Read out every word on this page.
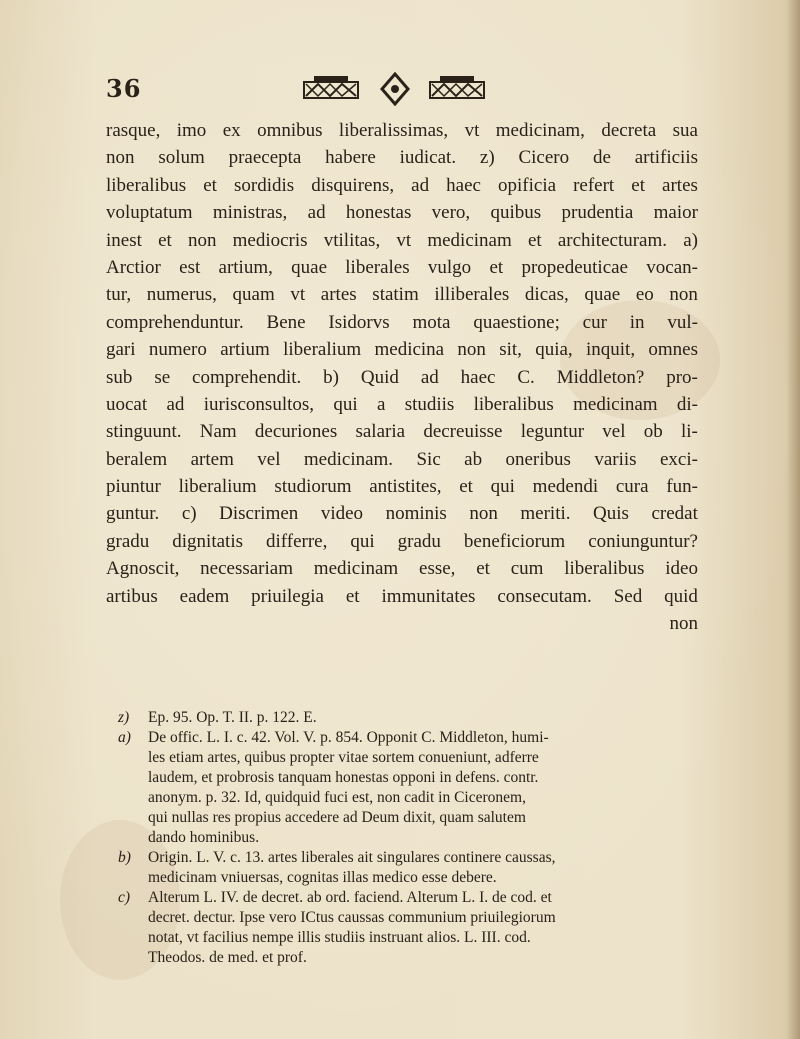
36
rasque, imo ex omnibus liberalissimas, vt medicinam, decreta sua
non solum praecepta habere iudicat. z) Cicero de artificiis
liberalibus et sordidis disquirens, ad haec opificia refert et artes
voluptatum ministras, ad honestas vero, quibus prudentia maior
inest et non mediocris vtilitas, vt medicinam et architecturam. a)
Arctior est artium, quae liberales vulgo et propedeuticae vocan-
tur, numerus, quam vt artes statim illiberales dicas, quae eo non
comprehenduntur. Bene Isidorvs mota quaestione; cur in vul-
gari numero artium liberalium medicina non sit, quia, inquit, omnes
sub se comprehendit. b) Quid ad haec C. Middleton? pro-
uocat ad iurisconsultos, qui a studiis liberalibus medicinam di-
stinguunt. Nam decuriones salaria decreuisse leguntur vel ob li-
beralem artem vel medicinam. Sic ab oneribus variis exci-
piuntur liberalium studiorum antistites, et qui medendi cura fun-
guntur. c) Discrimen video nominis non meriti. Quis credat
gradu dignitatis differre, qui gradu beneficiorum coniunguntur?
Agnoscit, necessariam medicinam esse, et cum liberalibus ideo
artibus eadem priuilegia et immunitates consecutam. Sed quid
non
z)	Ep. 95. Op. T. II. p. 122. E.
a)	De offic. L. I. c. 42. Vol. V. p. 854. Opponit C. Middleton, humi-
les etiam artes, quibus propter vitae sortem conueniunt, adferre
laudem, et probrosis tanquam honestas opponi in defens. contr.
anonym. p. 32. Id, quidquid fuci est, non cadit in Ciceronem,
qui nullas res propius accedere ad Deum dixit, quam salutem
dando hominibus.
b)	Origin. L. V. c. 13. artes liberales ait singulares continere caussas,
medicinam vniuersas, cognitas illas medico esse debere.
c)	Alterum L. IV. de decret. ab ord. faciend. Alterum L. I. de cod. et
decret. dectur. Ipse vero ICtus caussas communium priuilegiorum
notat, vt facilius nempe illis studiis instruant alios. L. III. cod.
Theodos. de med. et prof.
